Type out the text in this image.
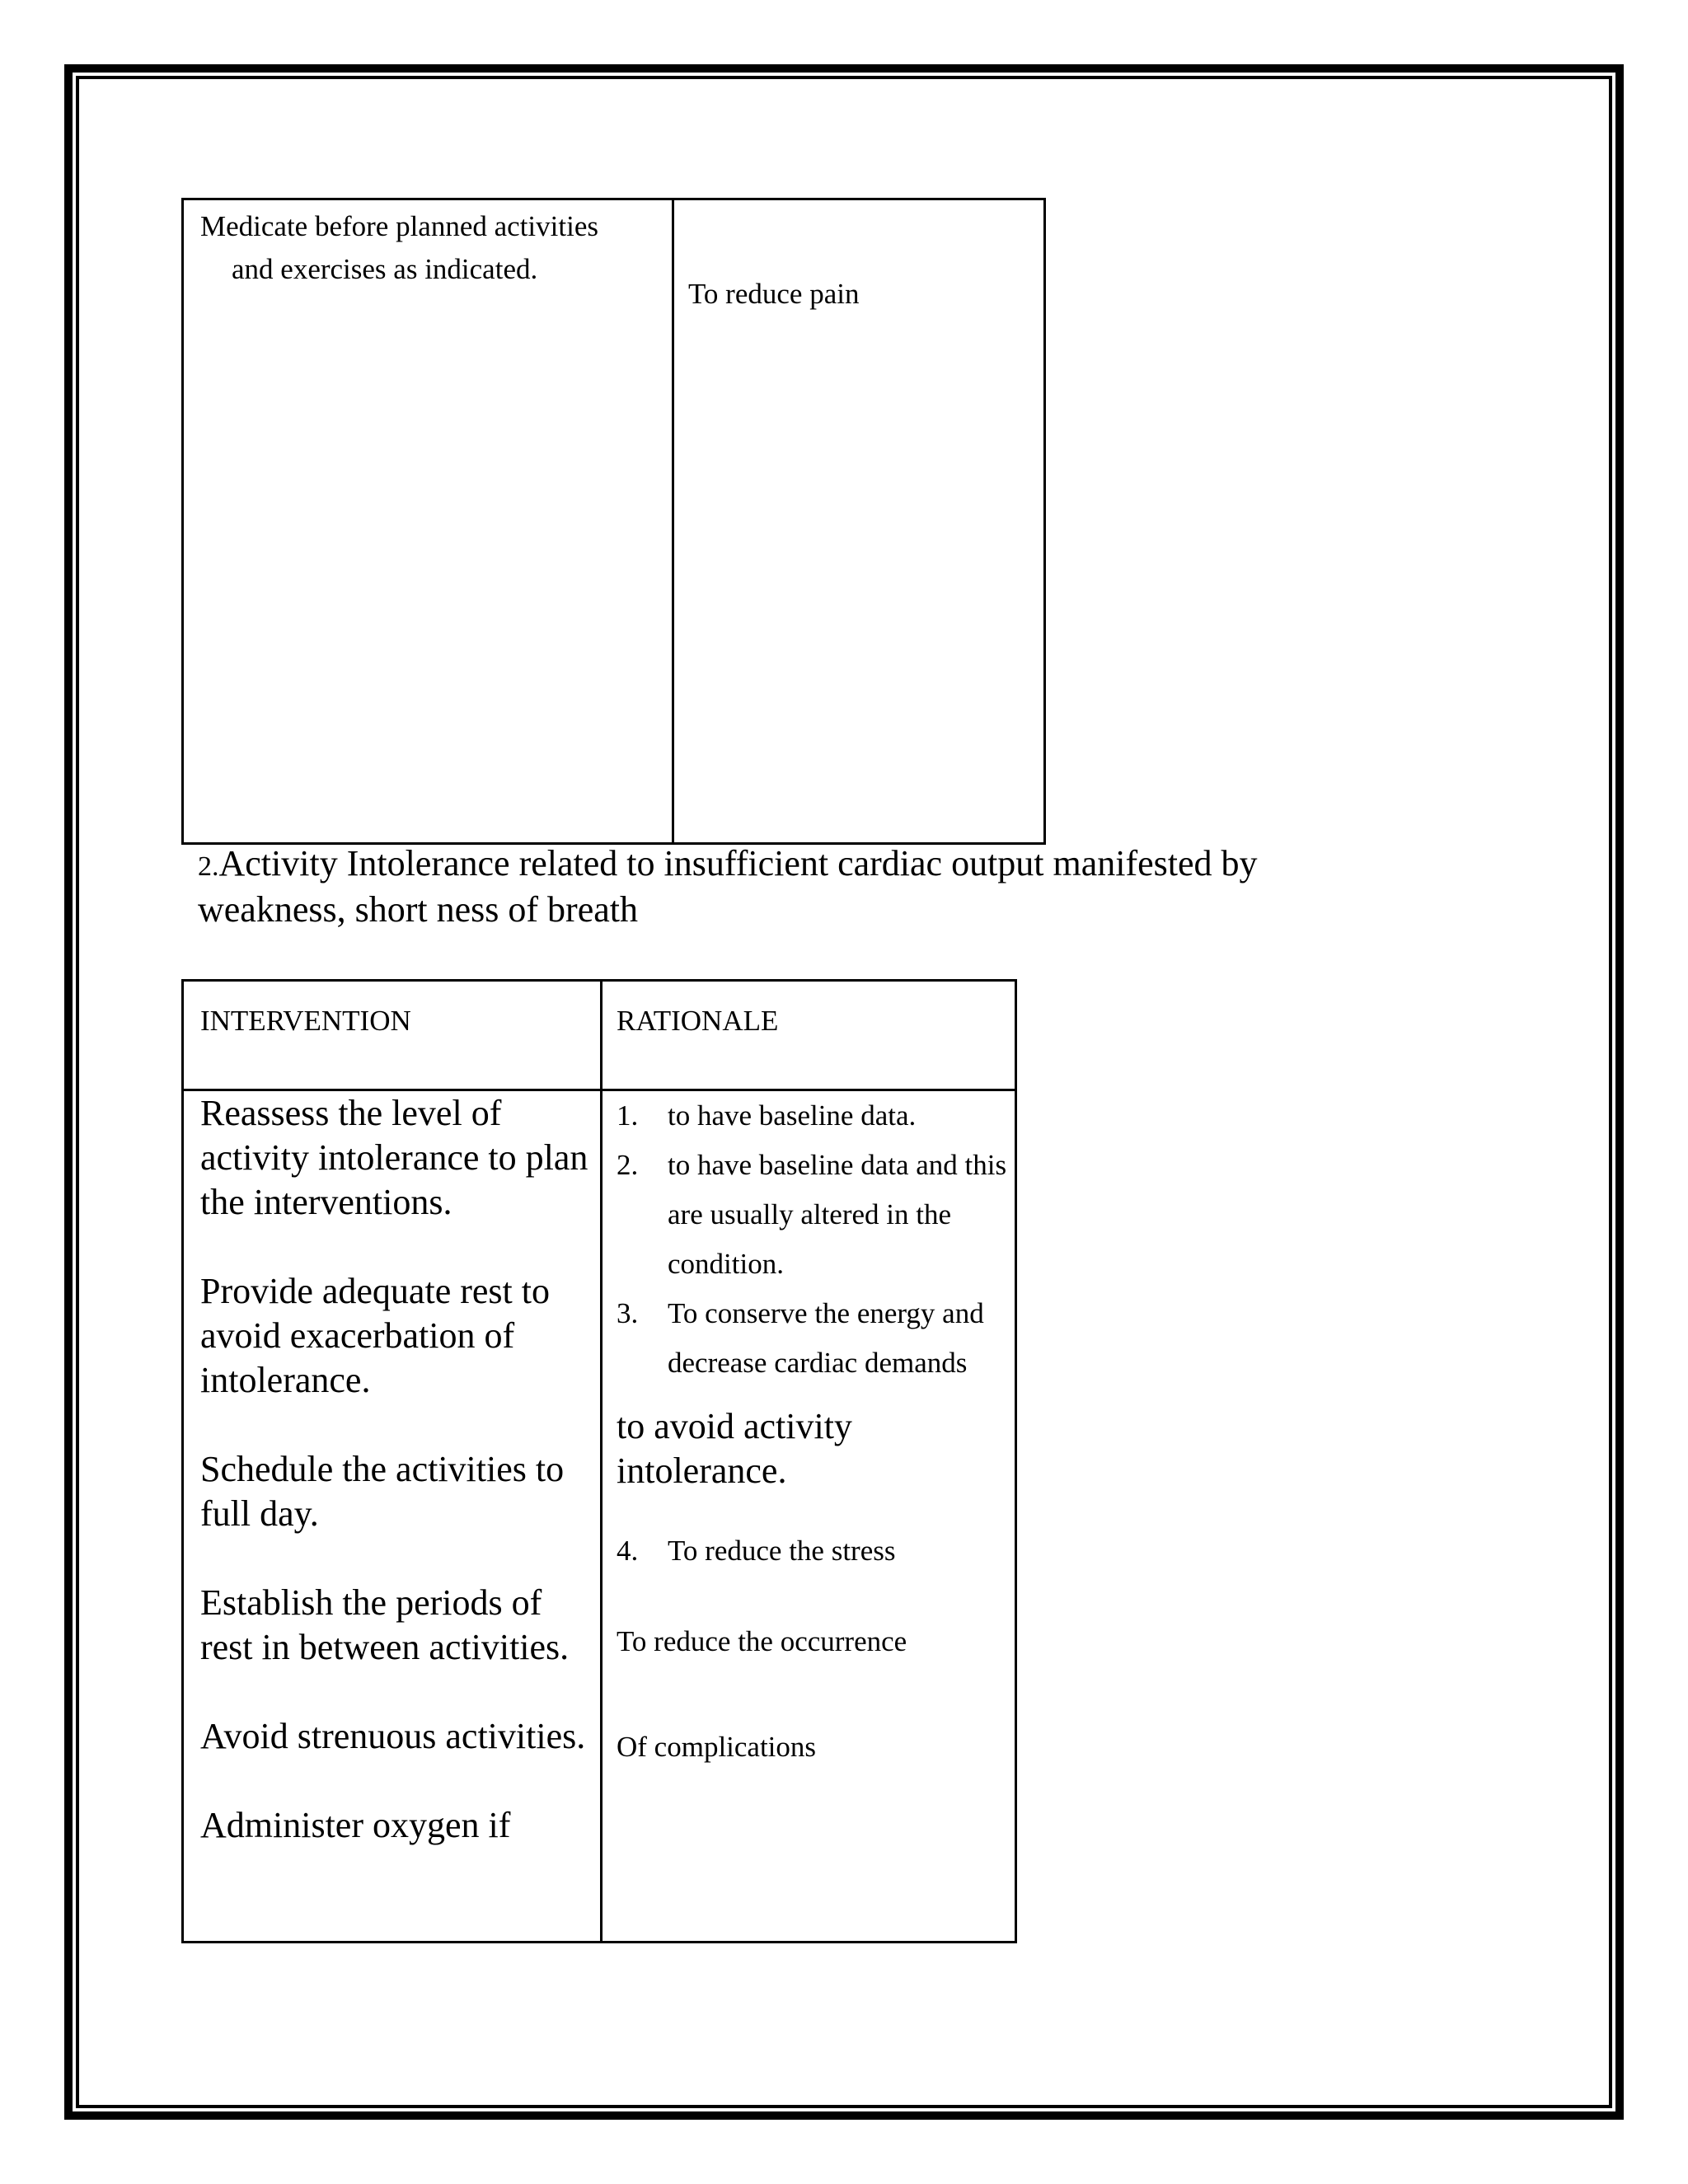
Medicate before planned activities
and exercises as indicated.
To reduce pain
2.Activity Intolerance related to insufficient cardiac output manifested by
weakness, short ness of breath
INTERVENTION	RATIONALE
Reassess the level of activity intolerance to plan the interventions.
Provide adequate rest to avoid exacerbation of intolerance.
Schedule the activities to full day.
Establish the periods of rest in between activities.
Avoid strenuous activities.
Administer oxygen if
1. to have baseline data.
2. to have baseline data and this are usually altered in the condition.
3. To conserve the energy and decrease cardiac demands
to avoid activity intolerance.
4. To reduce the stress
To reduce the occurrence
Of complications
